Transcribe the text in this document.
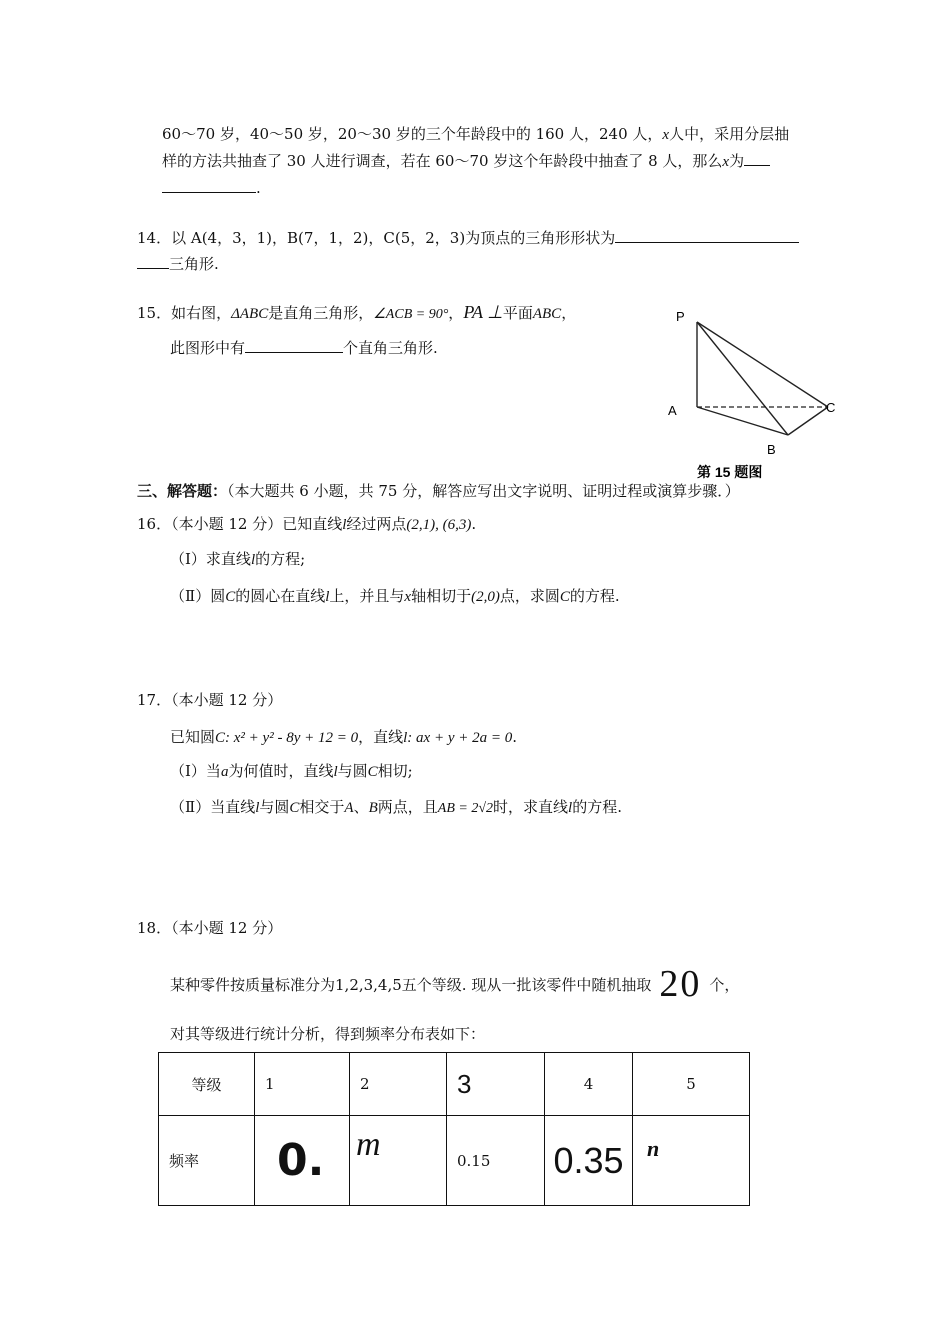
60～70 岁，40～50 岁，20～30 岁的三个年龄段中的 160 人，240 人，x人中，采用分层抽
样的方法共抽查了 30 人进行调查，若在 60～70 岁这个年龄段中抽查了 8 人，那么x为
.
14．以 A(4，3，1)，B(7，1，2)，C(5，2，3)为顶点的三角形形状为
三角形.
15．如右图，ΔABC是直角三角形，∠ACB = 90°，PA ⊥平面ABC，
此图形中有	个直角三角形.
P
A
B
C
第 15 题图
三、解答题：（本大题共 6 小题，共 75 分，解答应写出文字说明、证明过程或演算步骤．）
16．（本小题 12 分）已知直线l经过两点(2,1), (6,3).
（Ⅰ）求直线l的方程;
（Ⅱ）圆C的圆心在直线l上，并且与x轴相切于(2,0)点，求圆C的方程.
17．（本小题 12 分）
已知圆C: x² + y² - 8y + 12 = 0，直线l: ax + y + 2a = 0.
（Ⅰ）当a为何值时，直线l与圆C相切;
（Ⅱ）当直线l与圆C相交于A、B两点，且AB = 2√2时，求直线l的方程.
18．（本小题 12 分）
某种零件按质量标准分为1,2,3,4,5五个等级. 现从一批该零件中随机抽取 20 个，
对其等级进行统计分析，得到频率分布表如下：
等级	1	2	3	4	5
频率	0.	m	0.15	0.35	n
